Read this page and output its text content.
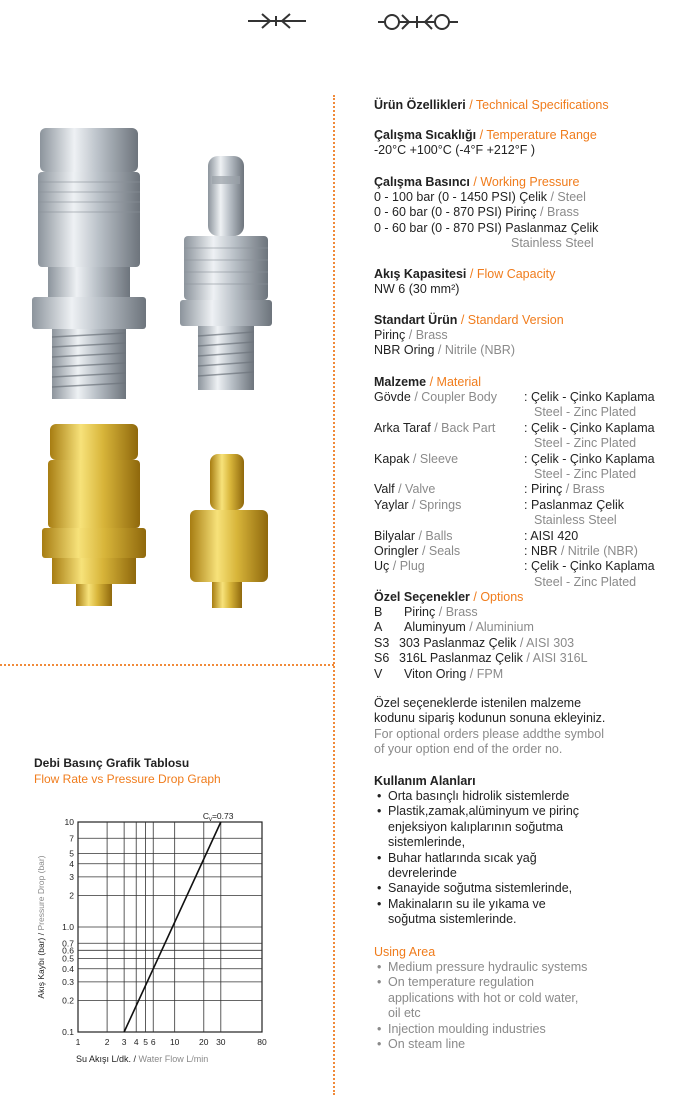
Ürün Özellikleri / Technical Specifications
Çalışma Sıcaklığı / Temperature Range
-20°C +100°C (-4°F +212°F )
Çalışma Basıncı / Working Pressure
0 - 100 bar (0 - 1450 PSI) Çelik / Steel
0 - 60 bar (0 - 870 PSI) Pirinç / Brass
0 - 60 bar (0 - 870 PSI) Paslanmaz Çelik
Stainless Steel
Akış Kapasitesi / Flow Capacity
NW 6 (30 mm²)
Standart Ürün / Standard Version
Pirinç / Brass
NBR Oring / Nitrile (NBR)
Malzeme / Material
Gövde / Coupler Body : Çelik - Çinko Kaplama
Steel - Zinc Plated
Arka Taraf / Back Part : Çelik - Çinko Kaplama
Steel - Zinc Plated
Kapak / Sleeve	: Çelik - Çinko Kaplama
Steel - Zinc Plated
Valf / Valve	: Pirinç / Brass
Yaylar / Springs	: Paslanmaz Çelik
Stainless Steel
Bilyalar / Balls	: AISI 420
Oringler / Seals	: NBR / Nitrile (NBR)
Uç / Plug	: Çelik - Çinko Kaplama
Steel - Zinc Plated
Özel Seçenekler / Options
B Pirinç / Brass
A Aluminyum / Aluminium
S3 303 Paslanmaz Çelik / AISI 303
S6 316L Paslanmaz Çelik / AISI 316L
V Viton Oring / FPM
Özel seçeneklerde istenilen malzeme
kodunu sipariş kodunun sonuna ekleyiniz.
For optional orders please addthe symbol
of your option end of the order no.
Kullanım Alanları
• Orta basınçlı hidrolik sistemlerde
• Plastik,zamak,alüminyum ve pirinç
enjeksiyon kalıplarının soğutma
sistemlerinde,
• Buhar hatlarında sıcak yağ
devrelerinde
• Sanayide soğutma sistemlerinde,
• Makinaların su ile yıkama ve
soğutma sistemlerinde.
Using Area
• Medium pressure hydraulic systems
• On temperature regulation
applications with hot or cold water,
oil etc
• Injection moulding industries
• On steam line
Debi Basınç Grafik Tablosu
Flow Rate vs Pressure Drop Graph
1	2 3 4 5 6 10 20 30	80
0.1
0.2
0.3
0.4
0.5
0.6
0.7
1.0
2
3
4
5
7
10
$C_v=0.73$
Su Akışı L/dk. / Water Flow L/min
Akış Kaybı (bar) / Pressure Drop (bar)
